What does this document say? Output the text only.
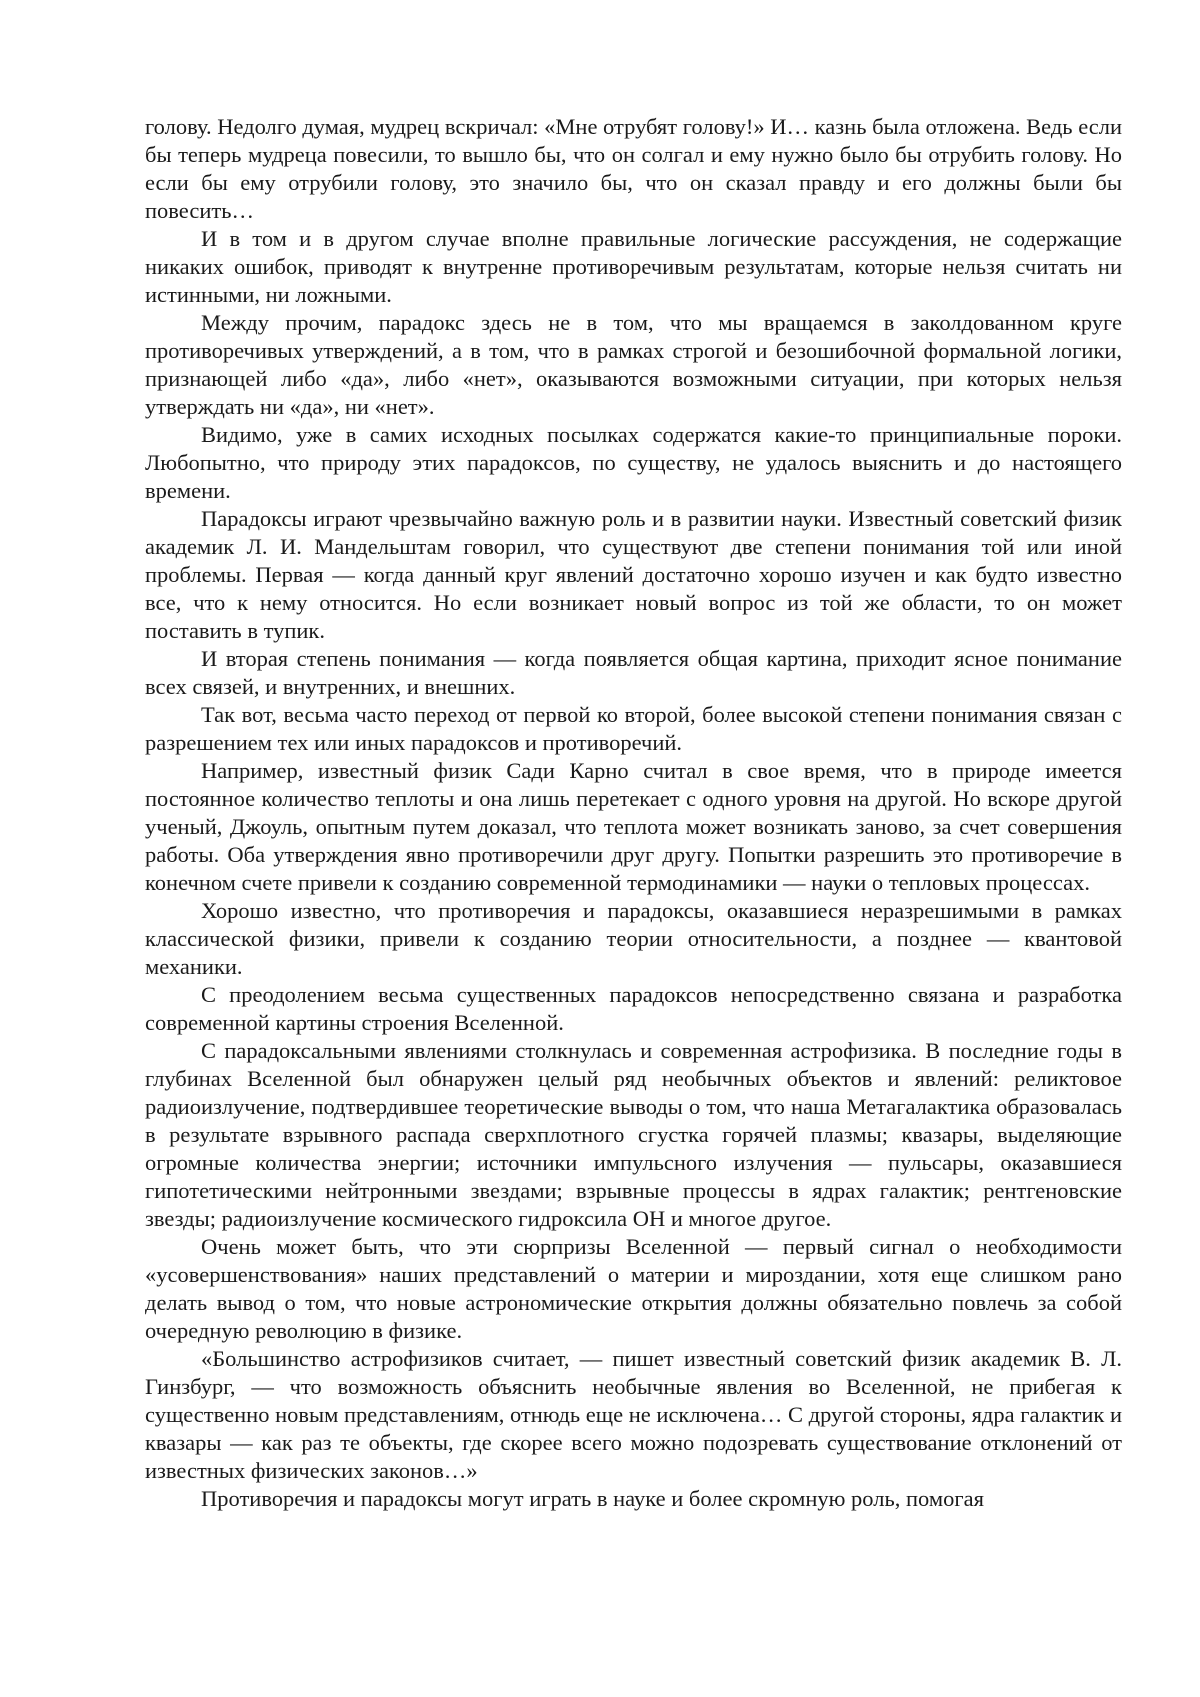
голову. Недолго думая, мудрец вскричал: «Мне отрубят голову!» И… казнь была отложена. Ведь если бы теперь мудреца повесили, то вышло бы, что он солгал и ему нужно было бы отрубить голову. Но если бы ему отрубили голову, это значило бы, что он сказал правду и его должны были бы повесить…

И в том и в другом случае вполне правильные логические рассуждения, не содержащие никаких ошибок, приводят к внутренне противоречивым результатам, которые нельзя считать ни истинными, ни ложными.

Между прочим, парадокс здесь не в том, что мы вращаемся в заколдованном круге противоречивых утверждений, а в том, что в рамках строгой и безошибочной формальной логики, признающей либо «да», либо «нет», оказываются возможными ситуации, при которых нельзя утверждать ни «да», ни «нет».

Видимо, уже в самих исходных посылках содержатся какие-то принципиальные пороки. Любопытно, что природу этих парадоксов, по существу, не удалось выяснить и до настоящего времени.

Парадоксы играют чрезвычайно важную роль и в развитии науки. Известный советский физик академик Л. И. Мандельштам говорил, что существуют две степени понимания той или иной проблемы. Первая — когда данный круг явлений достаточно хорошо изучен и как будто известно все, что к нему относится. Но если возникает новый вопрос из той же области, то он может поставить в тупик.

И вторая степень понимания — когда появляется общая картина, приходит ясное понимание всех связей, и внутренних, и внешних.

Так вот, весьма часто переход от первой ко второй, более высокой степени понимания связан с разрешением тех или иных парадоксов и противоречий.

Например, известный физик Сади Карно считал в свое время, что в природе имеется постоянное количество теплоты и она лишь перетекает с одного уровня на другой. Но вскоре другой ученый, Джоуль, опытным путем доказал, что теплота может возникать заново, за счет совершения работы. Оба утверждения явно противоречили друг другу. Попытки разрешить это противоречие в конечном счете привели к созданию современной термодинамики — науки о тепловых процессах.

Хорошо известно, что противоречия и парадоксы, оказавшиеся неразрешимыми в рамках классической физики, привели к созданию теории относительности, а позднее — квантовой механики.

С преодолением весьма существенных парадоксов непосредственно связана и разработка современной картины строения Вселенной.

С парадоксальными явлениями столкнулась и современная астрофизика. В последние годы в глубинах Вселенной был обнаружен целый ряд необычных объектов и явлений: реликтовое радиоизлучение, подтвердившее теоретические выводы о том, что наша Метагалактика образовалась в результате взрывного распада сверхплотного сгустка горячей плазмы; квазары, выделяющие огромные количества энергии; источники импульсного излучения — пульсары, оказавшиеся гипотетическими нейтронными звездами; взрывные процессы в ядрах галактик; рентгеновские звезды; радиоизлучение космического гидроксила ОН и многое другое.

Очень может быть, что эти сюрпризы Вселенной — первый сигнал о необходимости «усовершенствования» наших представлений о материи и мироздании, хотя еще слишком рано делать вывод о том, что новые астрономические открытия должны обязательно повлечь за собой очередную революцию в физике.

«Большинство астрофизиков считает, — пишет известный советский физик академик В. Л. Гинзбург, — что возможность объяснить необычные явления во Вселенной, не прибегая к существенно новым представлениям, отнюдь еще не исключена… С другой стороны, ядра галактик и квазары — как раз те объекты, где скорее всего можно подозревать существование отклонений от известных физических законов…»

Противоречия и парадоксы могут играть в науке и более скромную роль, помогая
